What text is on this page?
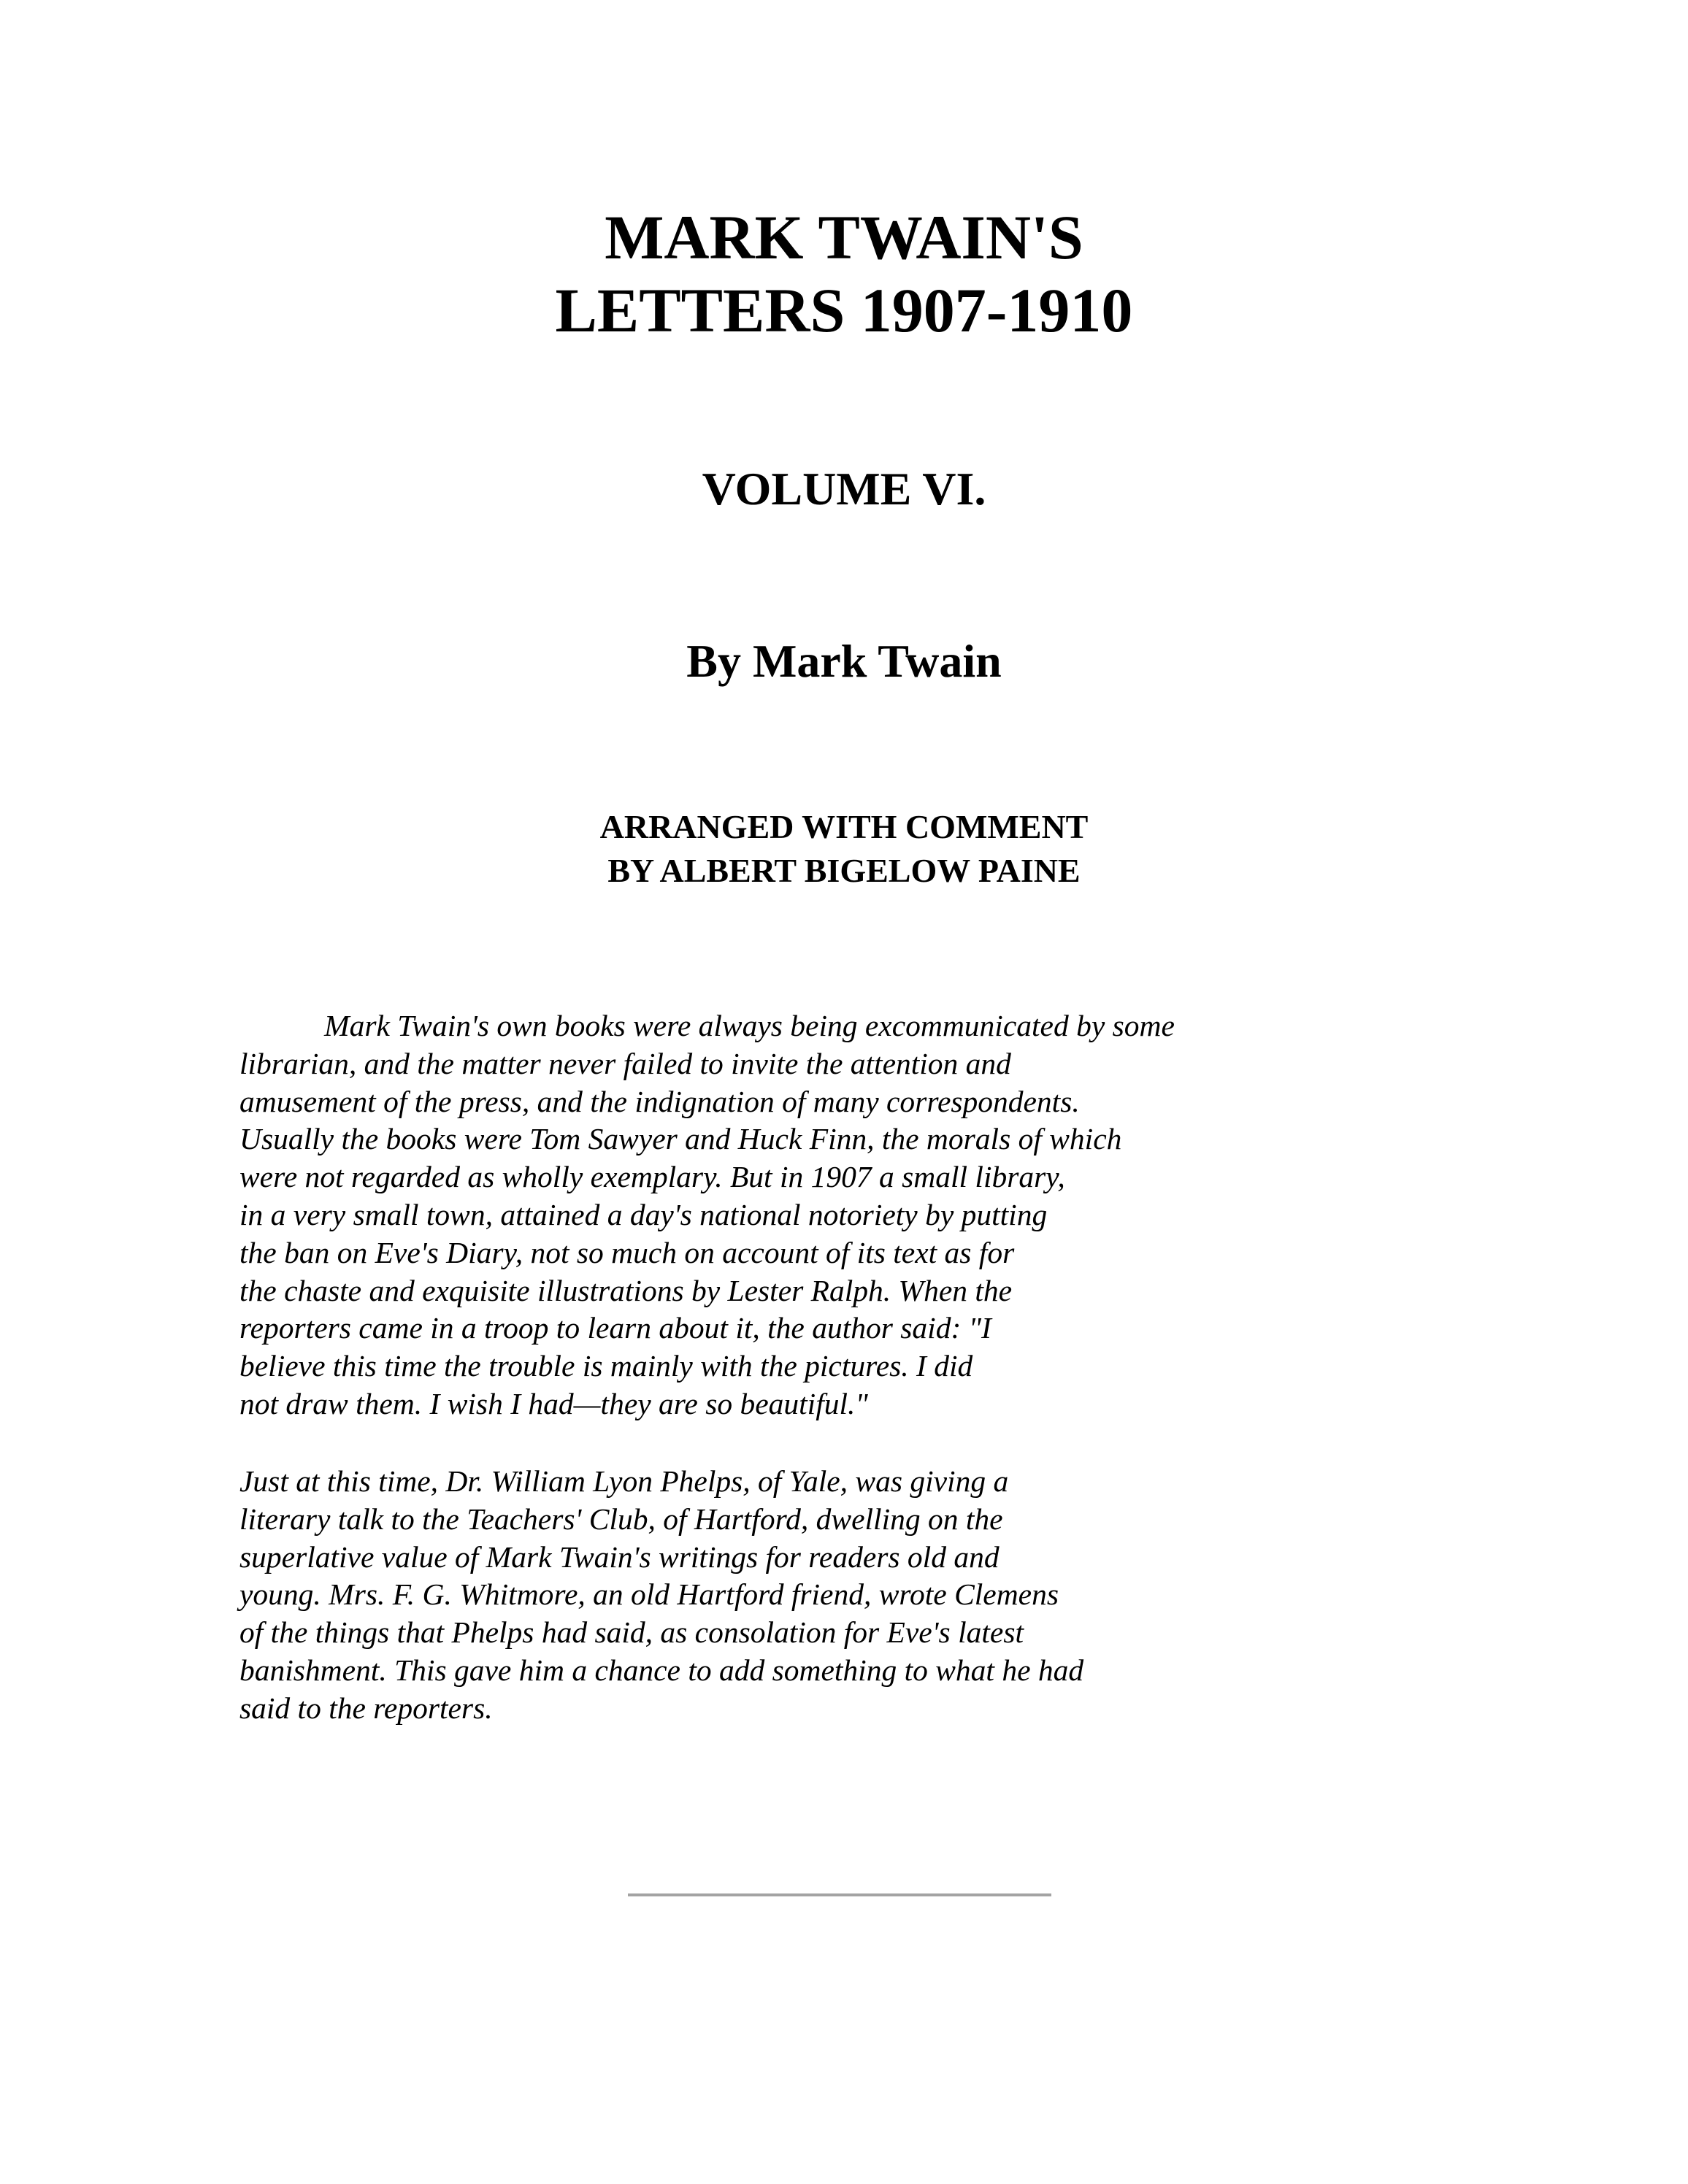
MARK TWAIN'S
LETTERS 1907-1910
VOLUME VI.
By Mark Twain
ARRANGED WITH COMMENT
BY ALBERT BIGELOW PAINE
Mark Twain's own books were always being excommunicated by some
librarian, and the matter never failed to invite the attention and
amusement of the press, and the indignation of many correspondents.
Usually the books were Tom Sawyer and Huck Finn, the morals of which
were not regarded as wholly exemplary. But in 1907 a small library,
in a very small town, attained a day's national notoriety by putting
the ban on Eve's Diary, not so much on account of its text as for
the chaste and exquisite illustrations by Lester Ralph. When the
reporters came in a troop to learn about it, the author said: "I
believe this time the trouble is mainly with the pictures. I did
not draw them. I wish I had—they are so beautiful."
Just at this time, Dr. William Lyon Phelps, of Yale, was giving a
literary talk to the Teachers' Club, of Hartford, dwelling on the
superlative value of Mark Twain's writings for readers old and
young. Mrs. F. G. Whitmore, an old Hartford friend, wrote Clemens
of the things that Phelps had said, as consolation for Eve's latest
banishment. This gave him a chance to add something to what he had
said to the reporters.
